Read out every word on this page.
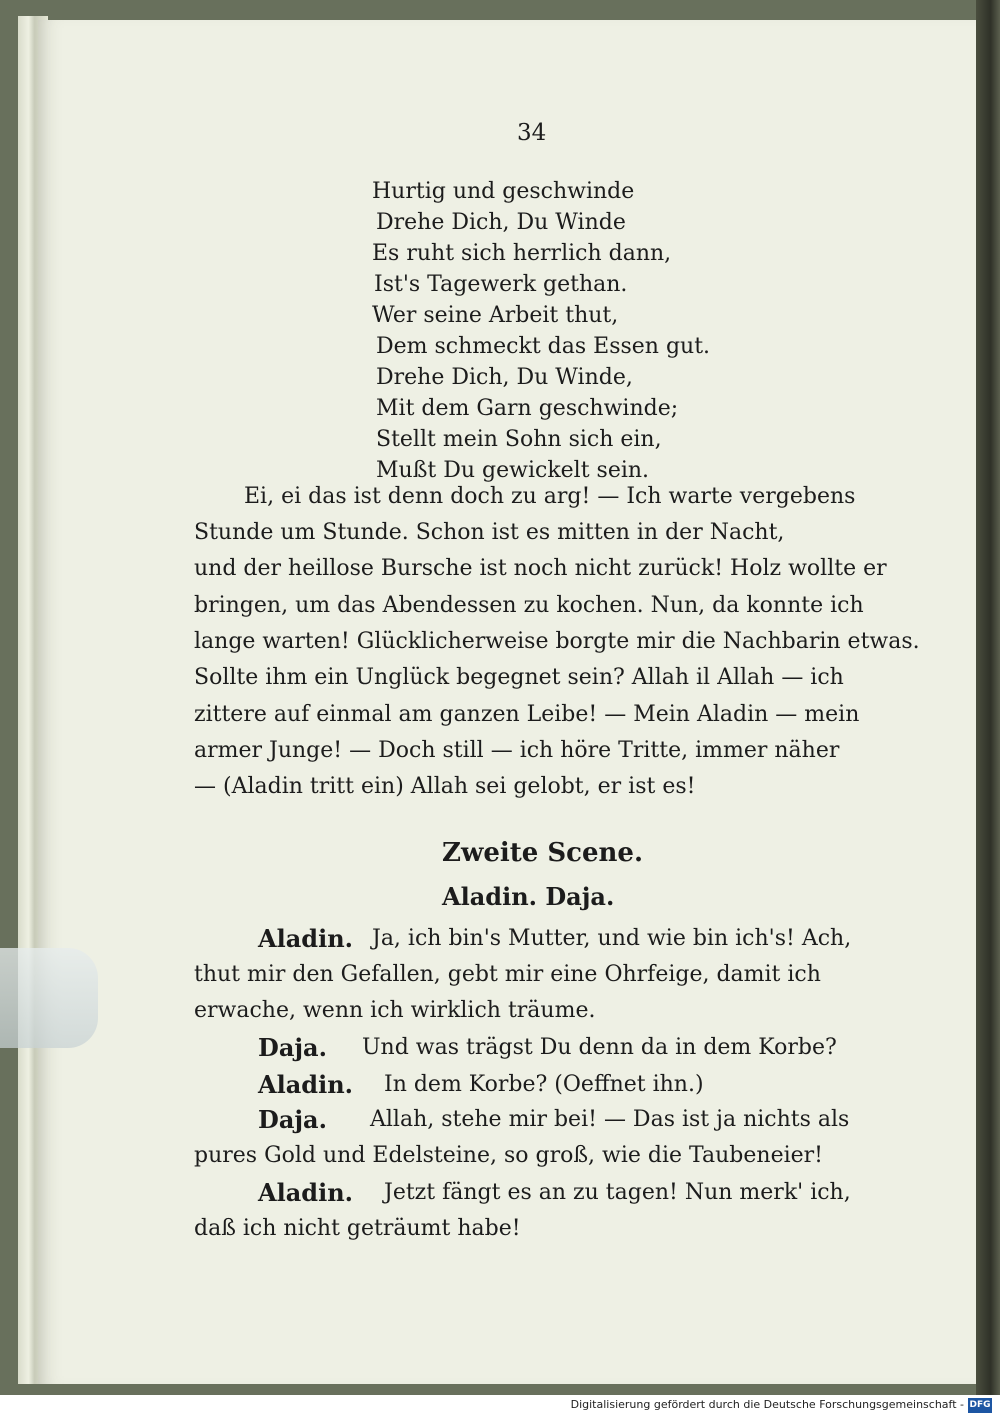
34
Hurtig und geschwinde
Drehe Dich, Du Winde
Es ruht sich herrlich dann,
Ist's Tagewerk gethan.
Wer seine Arbeit thut,
Dem schmeckt das Essen gut.
Drehe Dich, Du Winde,
Mit dem Garn geschwinde;
Stellt mein Sohn sich ein,
Mußt Du gewickelt sein.
Ei, ei das ist denn doch zu arg! — Ich warte vergebens
Stunde um Stunde. Schon ist es mitten in der Nacht,
und der heillose Bursche ist noch nicht zurück! Holz wollte er
bringen, um das Abendessen zu kochen. Nun, da konnte ich
lange warten! Glücklicherweise borgte mir die Nachbarin etwas.
Sollte ihm ein Unglück begegnet sein? Allah il Allah — ich
zittere auf einmal am ganzen Leibe! — Mein Aladin — mein
armer Junge! — Doch still — ich höre Tritte, immer näher
— (Aladin tritt ein) Allah sei gelobt, er ist es!
Zweite Scene.
Aladin. Daja.
Aladin. Ja, ich bin's Mutter, und wie bin ich's! Ach,
thut mir den Gefallen, gebt mir eine Ohrfeige, damit ich
erwache, wenn ich wirklich träume.
Daja. Und was trägst Du denn da in dem Korbe?
Aladin. In dem Korbe? (Oeffnet ihn.)
Daja. Allah, stehe mir bei! — Das ist ja nichts als
pures Gold und Edelsteine, so groß, wie die Taubeneier!
Aladin. Jetzt fängt es an zu tagen! Nun merk' ich,
daß ich nicht geträumt habe!
Digitalisierung gefördert durch die Deutsche Forschungsgemeinschaft - DFG
